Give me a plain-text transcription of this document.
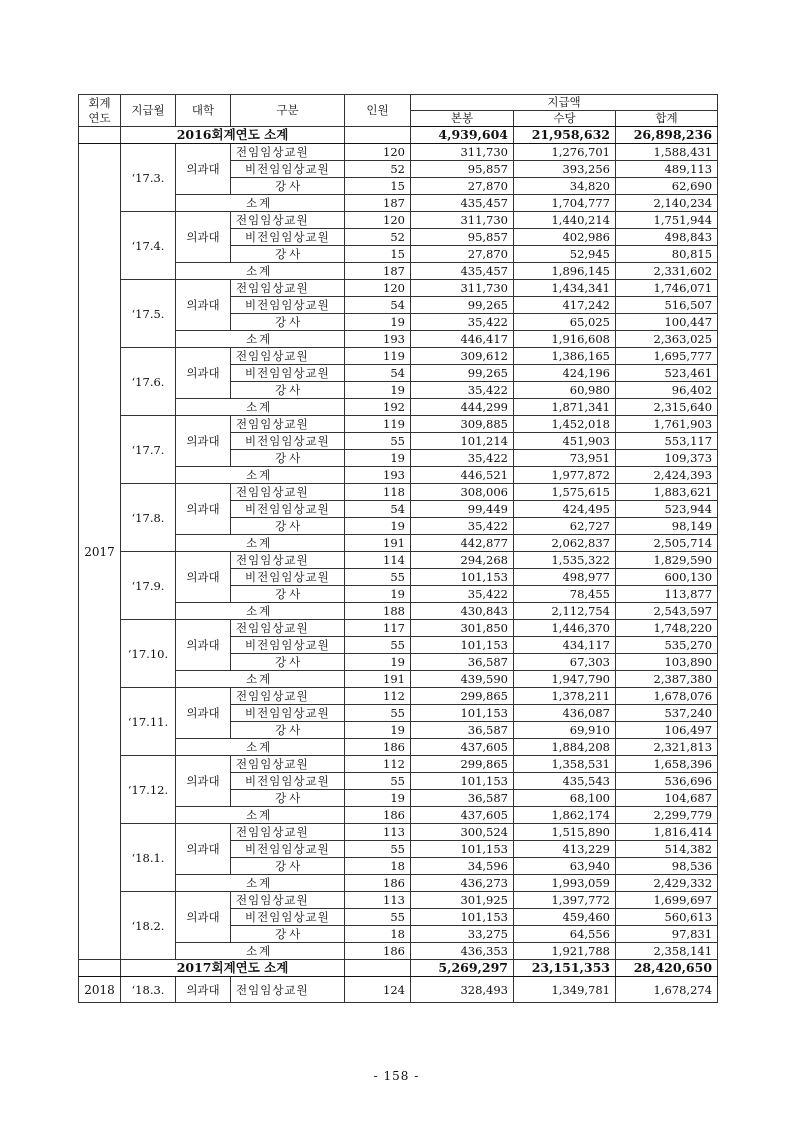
회계
연도	지급월	대학	구분	인원	지급액		
					본봉	수당	합계
	2016회계연도 소계				4,939,604	21,958,632	26,898,236
2017	‘17.3.	의과대	전임임상교원	120	311,730	1,276,701	1,588,431
			비전임임상교원	52	95,857	393,256	489,113
			강사	15	27,870	34,820	62,690
		소계		187	435,457	1,704,777	2,140,234
	‘17.4.	의과대	전임임상교원	120	311,730	1,440,214	1,751,944
			비전임임상교원	52	95,857	402,986	498,843
			강사	15	27,870	52,945	80,815
		소계		187	435,457	1,896,145	2,331,602
	‘17.5.	의과대	전임임상교원	120	311,730	1,434,341	1,746,071
			비전임임상교원	54	99,265	417,242	516,507
			강사	19	35,422	65,025	100,447
		소계		193	446,417	1,916,608	2,363,025
	‘17.6.	의과대	전임임상교원	119	309,612	1,386,165	1,695,777
			비전임임상교원	54	99,265	424,196	523,461
			강사	19	35,422	60,980	96,402
		소계		192	444,299	1,871,341	2,315,640
	‘17.7.	의과대	전임임상교원	119	309,885	1,452,018	1,761,903
			비전임임상교원	55	101,214	451,903	553,117
			강사	19	35,422	73,951	109,373
		소계		193	446,521	1,977,872	2,424,393
	‘17.8.	의과대	전임임상교원	118	308,006	1,575,615	1,883,621
			비전임임상교원	54	99,449	424,495	523,944
			강사	19	35,422	62,727	98,149
		소계		191	442,877	2,062,837	2,505,714
	‘17.9.	의과대	전임임상교원	114	294,268	1,535,322	1,829,590
			비전임임상교원	55	101,153	498,977	600,130
			강사	19	35,422	78,455	113,877
		소계		188	430,843	2,112,754	2,543,597
	‘17.10.	의과대	전임임상교원	117	301,850	1,446,370	1,748,220
			비전임임상교원	55	101,153	434,117	535,270
			강사	19	36,587	67,303	103,890
		소계		191	439,590	1,947,790	2,387,380
	‘17.11.	의과대	전임임상교원	112	299,865	1,378,211	1,678,076
			비전임임상교원	55	101,153	436,087	537,240
			강사	19	36,587	69,910	106,497
		소계		186	437,605	1,884,208	2,321,813
	‘17.12.	의과대	전임임상교원	112	299,865	1,358,531	1,658,396
			비전임임상교원	55	101,153	435,543	536,696
			강사	19	36,587	68,100	104,687
		소계		186	437,605	1,862,174	2,299,779
	‘18.1.	의과대	전임임상교원	113	300,524	1,515,890	1,816,414
			비전임임상교원	55	101,153	413,229	514,382
			강사	18	34,596	63,940	98,536
		소계		186	436,273	1,993,059	2,429,332
	‘18.2.	의과대	전임임상교원	113	301,925	1,397,772	1,699,697
			비전임임상교원	55	101,153	459,460	560,613
			강사	18	33,275	64,556	97,831
		소계		186	436,353	1,921,788	2,358,141
	2017회계연도 소계				5,269,297	23,151,353	28,420,650
2018	‘18.3.	의과대	전임임상교원	124	328,493	1,349,781	1,678,274
- 158 -
